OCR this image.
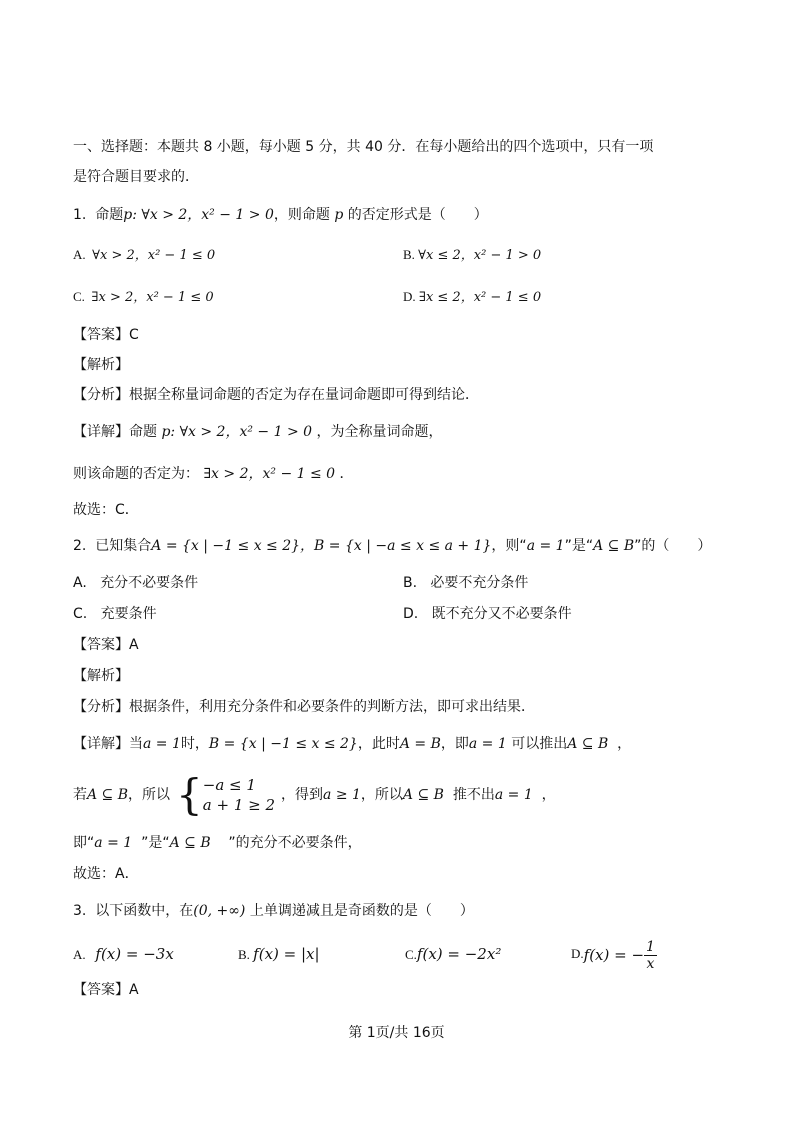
一、选择题：本题共 8 小题，每小题 5 分，共 40 分．在每小题给出的四个选项中，只有一项
是符合题目要求的．
1. 命题p: ∀x > 2，x² − 1 > 0，则命题 p 的否定形式是（　　）
A. ∀x > 2，x² − 1 ≤ 0	B. ∀x ≤ 2，x² − 1 > 0
C. ∃x > 2，x² − 1 ≤ 0	D. ∃x ≤ 2，x² − 1 ≤ 0
【答案】C
【解析】
【分析】根据全称量词命题的否定为存在量词命题即可得到结论．
【详解】命题 p: ∀x > 2，x² − 1 > 0 ，为全称量词命题，
则该命题的否定为： ∃x > 2，x² − 1 ≤ 0 ．
故选：C．
2. 已知集合A = {x | −1 ≤ x ≤ 2}，B = {x | −a ≤ x ≤ a + 1}，则“a = 1”是“A ⊆ B”的（　　）
A. 充分不必要条件	B. 必要不充分条件
C. 充要条件	D. 既不充分又不必要条件
【答案】A
【解析】
【分析】根据条件，利用充分条件和必要条件的判断方法，即可求出结果．
【详解】当a = 1时，B = {x | −1 ≤ x ≤ 2}，此时A = B，即a = 1 可以推出A ⊆ B ，
若A ⊆ B，所以 { −a ≤ 1
a + 1 ≥ 2
，得到a ≥ 1，所以A ⊆ B 推不出a = 1 ，
即“a = 1 ”是“A ⊆ B ”的充分不必要条件，
故选：A．
3. 以下函数中，在(0, +∞) 上单调递减且是奇函数的是（　　）
A. f(x) = −3x	B. f(x) = |x|	C.f(x) = −2x²	D.f(x) = − $\frac{1}{x}$
【答案】A
第 1页/共 16页
